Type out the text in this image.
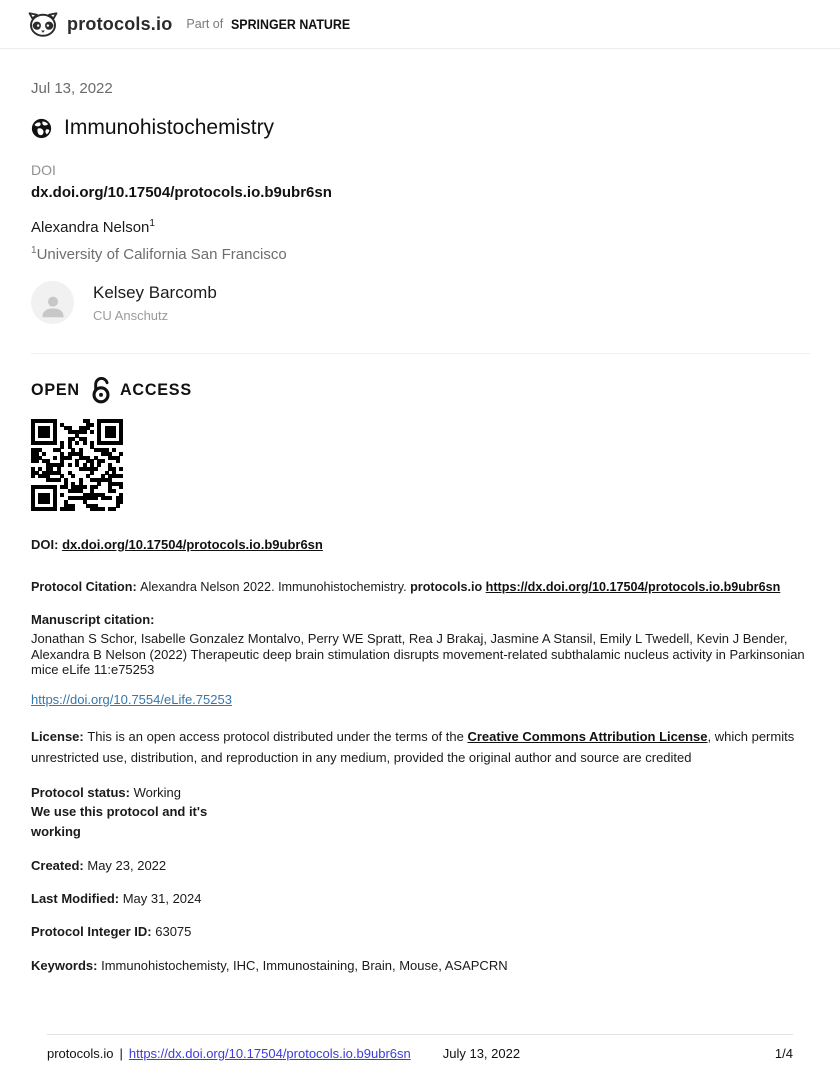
protocols.io Part of SPRINGER NATURE
Jul 13, 2022
Immunohistochemistry
DOI
dx.doi.org/10.17504/protocols.io.b9ubr6sn
Alexandra Nelson$^1$
$^1$University of California San Francisco
Kelsey Barcomb
CU Anschutz
OPEN ACCESS
DOI: dx.doi.org/10.17504/protocols.io.b9ubr6sn
Protocol Citation: Alexandra Nelson 2022. Immunohistochemistry. protocols.io https://dx.doi.org/10.17504/protocols.io.b9ubr6sn
Manuscript citation:
Jonathan S Schor, Isabelle Gonzalez Montalvo, Perry WE Spratt, Rea J Brakaj, Jasmine A Stansil, Emily L Twedell, Kevin J Bender, Alexandra B Nelson (2022) Therapeutic deep brain stimulation disrupts movement-related subthalamic nucleus activity in Parkinsonian mice eLife 11:e75253
https://doi.org/10.7554/eLife.75253
License: This is an open access protocol distributed under the terms of the Creative Commons Attribution License, which permits unrestricted use, distribution, and reproduction in any medium, provided the original author and source are credited
Protocol status: Working
We use this protocol and it's
working
Created: May 23, 2022
Last Modified: May 31, 2024
Protocol Integer ID: 63075
Keywords: Immunohistochemisty, IHC, Immunostaining, Brain, Mouse, ASAPCRN
protocols.io | https://dx.doi.org/10.17504/protocols.io.b9ubr6sn July 13, 2022	1/4
